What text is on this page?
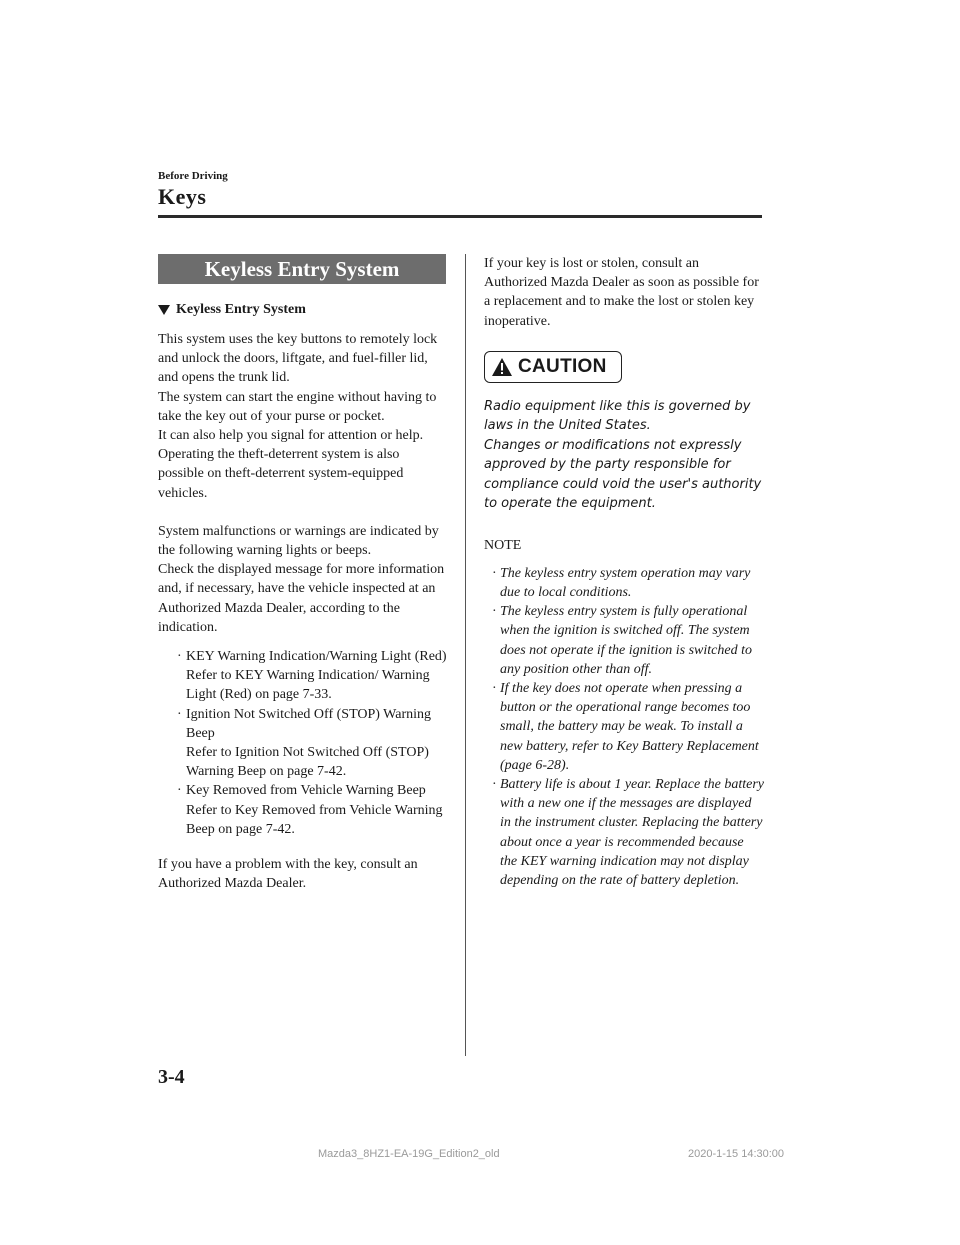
Before Driving
Keys
Keyless Entry System
Keyless Entry System

This system uses the key buttons to remotely lock and unlock the doors, liftgate, and fuel-filler lid, and opens the trunk lid.
The system can start the engine without having to take the key out of your purse or pocket.
It can also help you signal for attention or help.
Operating the theft-deterrent system is also possible on theft-deterrent system-equipped vehicles.

System malfunctions or warnings are indicated by the following warning lights or beeps.
Check the displayed message for more information and, if necessary, have the vehicle inspected at an Authorized Mazda Dealer, according to the indication.

· KEY Warning Indication/Warning Light (Red)
Refer to KEY Warning Indication/ Warning Light (Red) on page 7-33.
· Ignition Not Switched Off (STOP) Warning Beep
Refer to Ignition Not Switched Off (STOP) Warning Beep on page 7-42.
· Key Removed from Vehicle Warning Beep
Refer to Key Removed from Vehicle Warning Beep on page 7-42.

If you have a problem with the key, consult an Authorized Mazda Dealer.

If your key is lost or stolen, consult an Authorized Mazda Dealer as soon as possible for a replacement and to make the lost or stolen key inoperative.

CAUTION
Radio equipment like this is governed by laws in the United States.
Changes or modifications not expressly approved by the party responsible for compliance could void the user's authority to operate the equipment.
NOTE
· The keyless entry system operation may vary due to local conditions.
· The keyless entry system is fully operational when the ignition is switched off. The system does not operate if the ignition is switched to any position other than off.
· If the key does not operate when pressing a button or the operational range becomes too small, the battery may be weak. To install a new battery, refer to Key Battery Replacement (page 6-28).
· Battery life is about 1 year. Replace the battery with a new one if the messages are displayed in the instrument cluster. Replacing the battery about once a year is recommended because the KEY warning indication may not display depending on the rate of battery depletion.
3-4
Mazda3_8HZ1-EA-19G_Edition2_old	2020-1-15 14:30:00
